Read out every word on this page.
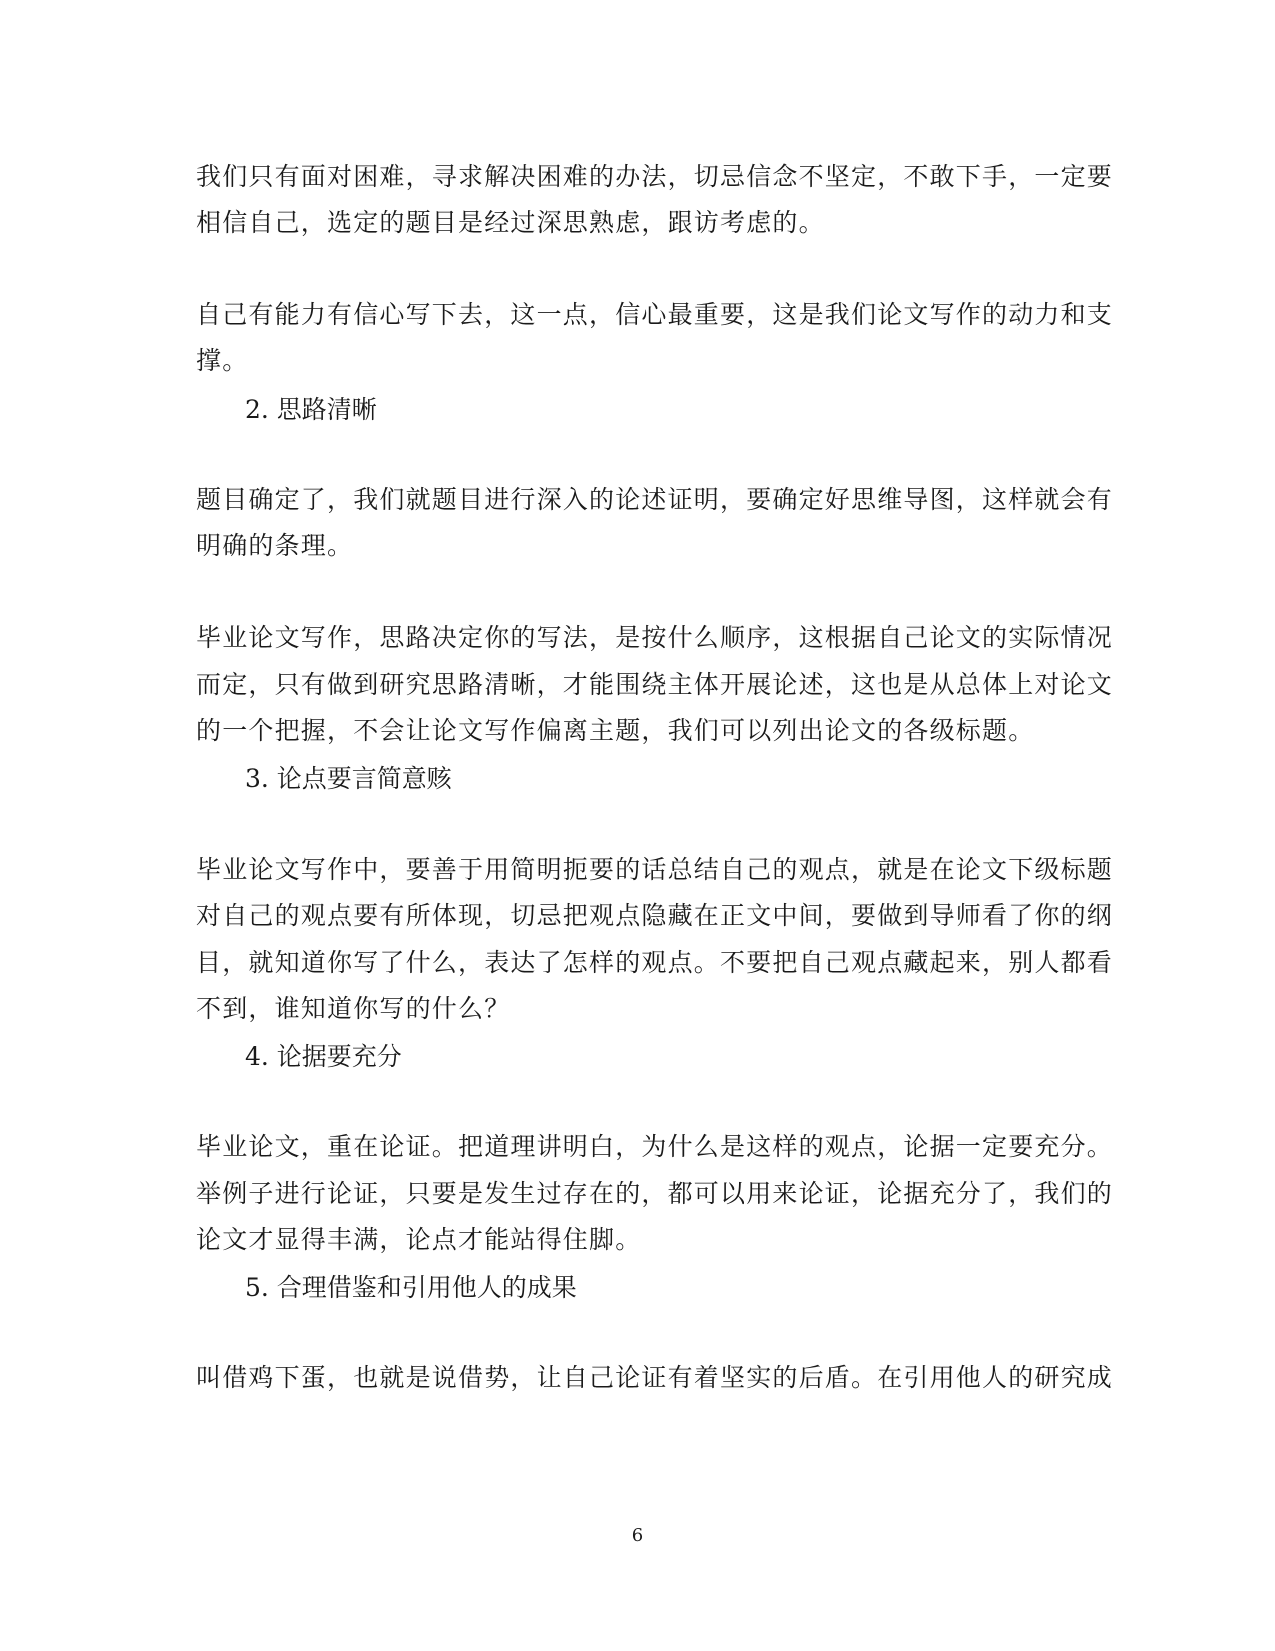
我们只有面对困难，寻求解决困难的办法，切忌信念不坚定，不敢下手，一定要
相信自己，选定的题目是经过深思熟虑，跟访考虑的。
自己有能力有信心写下去，这一点，信心最重要，这是我们论文写作的动力和支
撑。
2. 思路清晰
题目确定了，我们就题目进行深入的论述证明，要确定好思维导图，这样就会有
明确的条理。
毕业论文写作，思路决定你的写法，是按什么顺序，这根据自己论文的实际情况
而定，只有做到研究思路清晰，才能围绕主体开展论述，这也是从总体上对论文
的一个把握，不会让论文写作偏离主题，我们可以列出论文的各级标题。
3. 论点要言简意赅
毕业论文写作中，要善于用简明扼要的话总结自己的观点，就是在论文下级标题
对自己的观点要有所体现，切忌把观点隐藏在正文中间，要做到导师看了你的纲
目，就知道你写了什么，表达了怎样的观点。不要把自己观点藏起来，别人都看
不到，谁知道你写的什么？
4. 论据要充分
毕业论文，重在论证。把道理讲明白，为什么是这样的观点，论据一定要充分。
举例子进行论证，只要是发生过存在的，都可以用来论证，论据充分了，我们的
论文才显得丰满，论点才能站得住脚。
5. 合理借鉴和引用他人的成果
叫借鸡下蛋，也就是说借势，让自己论证有着坚实的后盾。在引用他人的研究成
6
